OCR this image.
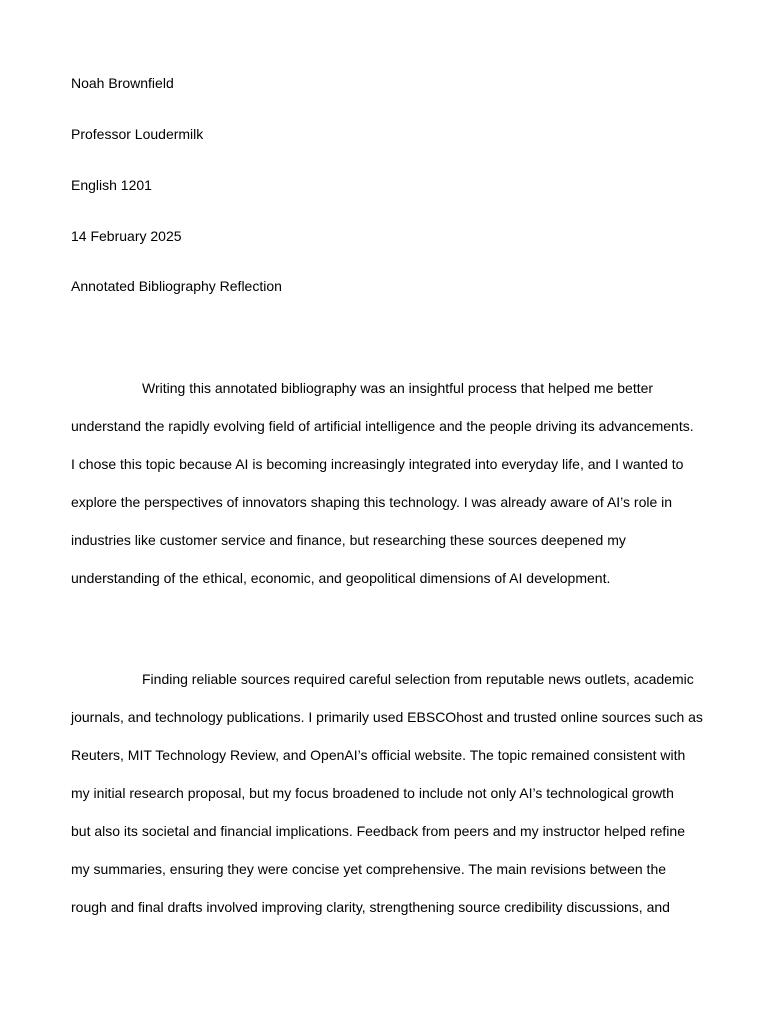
Noah Brownfield
Professor Loudermilk
English 1201
14 February 2025
Annotated Bibliography Reflection
Writing this annotated bibliography was an insightful process that helped me better
understand the rapidly evolving field of artificial intelligence and the people driving its advancements.
I chose this topic because AI is becoming increasingly integrated into everyday life, and I wanted to
explore the perspectives of innovators shaping this technology. I was already aware of AI’s role in
industries like customer service and finance, but researching these sources deepened my
understanding of the ethical, economic, and geopolitical dimensions of AI development.
Finding reliable sources required careful selection from reputable news outlets, academic
journals, and technology publications. I primarily used EBSCOhost and trusted online sources such as
Reuters, MIT Technology Review, and OpenAI’s official website. The topic remained consistent with
my initial research proposal, but my focus broadened to include not only AI’s technological growth
but also its societal and financial implications. Feedback from peers and my instructor helped refine
my summaries, ensuring they were concise yet comprehensive. The main revisions between the
rough and final drafts involved improving clarity, strengthening source credibility discussions, and
